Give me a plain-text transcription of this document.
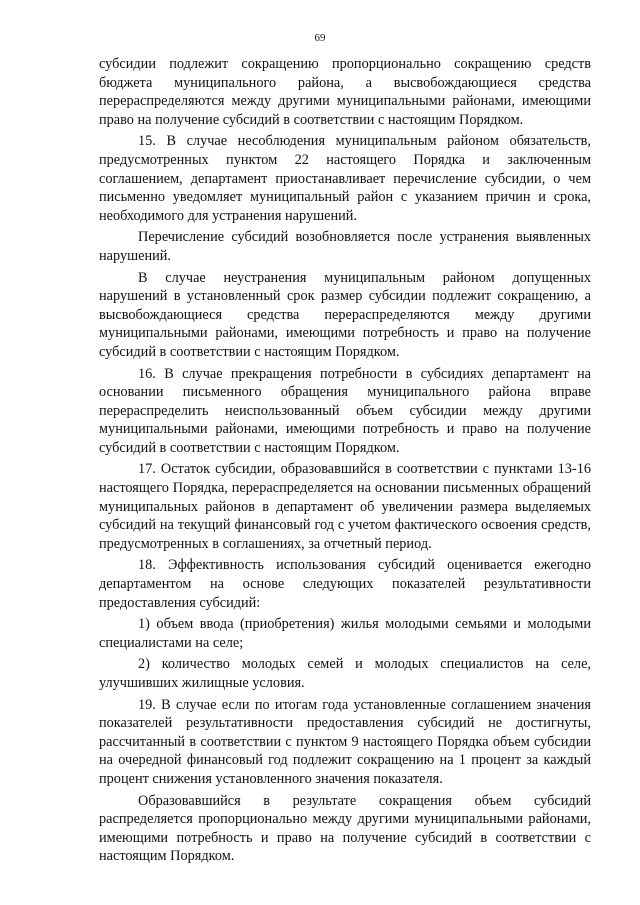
69

субсидии подлежит сокращению пропорционально сокращению средств бюджета муниципального района, а высвобождающиеся средства перераспределяются между другими муниципальными районами, имеющими право на получение субсидий в соответствии с настоящим Порядком.

15. В случае несоблюдения муниципальным районом обязательств, предусмотренных пунктом 22 настоящего Порядка и заключенным соглашением, департамент приостанавливает перечисление субсидии, о чем письменно уведомляет муниципальный район с указанием причин и срока, необходимого для устранения нарушений.

Перечисление субсидий возобновляется после устранения выявленных нарушений.

В случае неустранения муниципальным районом допущенных нарушений в установленный срок размер субсидии подлежит сокращению, а высвобождающиеся средства перераспределяются между другими муниципальными районами, имеющими потребность и право на получение субсидий в соответствии с настоящим Порядком.

16. В случае прекращения потребности в субсидиях департамент на основании письменного обращения муниципального района вправе перераспределить неиспользованный объем субсидии между другими муниципальными районами, имеющими потребность и право на получение субсидий в соответствии с настоящим Порядком.

17. Остаток субсидии, образовавшийся в соответствии с пунктами 13-16 настоящего Порядка, перераспределяется на основании письменных обращений муниципальных районов в департамент об увеличении размера выделяемых субсидий на текущий финансовый год с учетом фактического освоения средств, предусмотренных в соглашениях, за отчетный период.

18. Эффективность использования субсидий оценивается ежегодно департаментом на основе следующих показателей результативности предоставления субсидий:

1) объем ввода (приобретения) жилья молодыми семьями и молодыми специалистами на селе;

2) количество молодых семей и молодых специалистов на селе, улучшивших жилищные условия.

19. В случае если по итогам года установленные соглашением значения показателей результативности предоставления субсидий не достигнуты, рассчитанный в соответствии с пунктом 9 настоящего Порядка объем субсидии на очередной финансовый год подлежит сокращению на 1 процент за каждый процент снижения установленного значения показателя.

Образовавшийся в результате сокращения объем субсидий распределяется пропорционально между другими муниципальными районами, имеющими потребность и право на получение субсидий в соответствии с настоящим Порядком.
